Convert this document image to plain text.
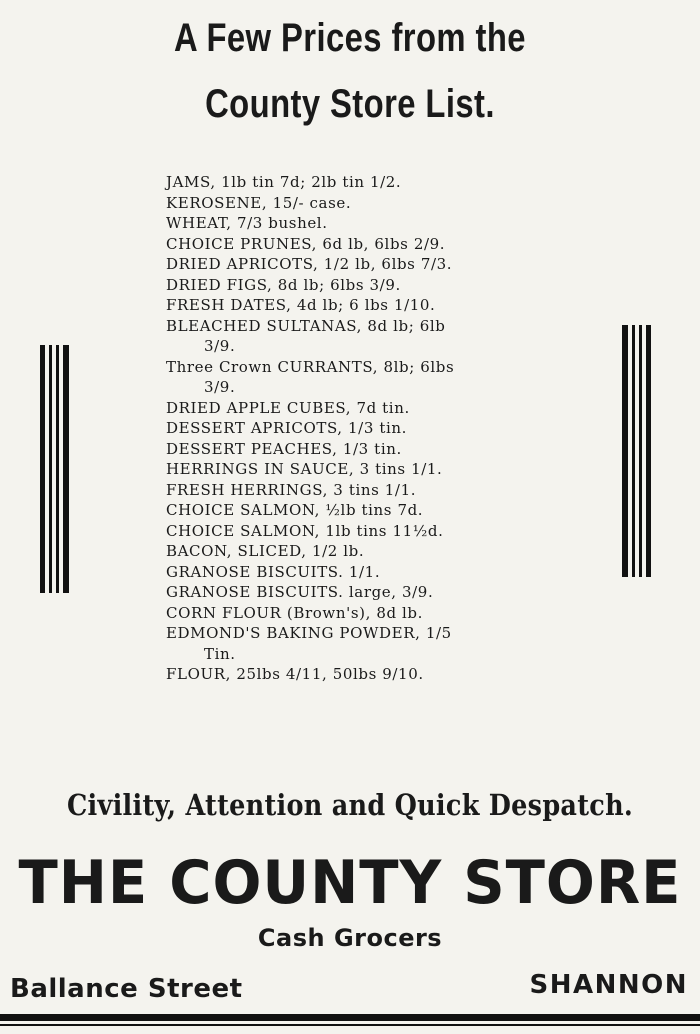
A Few Prices from the
County Store List.
JAMS, 1lb tin 7d; 2lb tin 1/2.
KEROSENE, 15/- case.
WHEAT, 7/3 bushel.
CHOICE PRUNES, 6d lb, 6lbs 2/9.
DRIED APRICOTS, 1/2 lb, 6lbs 7/3.
DRIED FIGS, 8d lb; 6lbs 3/9.
FRESH DATES, 4d lb; 6 lbs 1/10.
BLEACHED SULTANAS, 8d lb; 6lb
3/9.
Three Crown CURRANTS, 8lb; 6lbs
3/9.
DRIED APPLE CUBES, 7d tin.
DESSERT APRICOTS, 1/3 tin.
DESSERT PEACHES, 1/3 tin.
HERRINGS IN SAUCE, 3 tins 1/1.
FRESH HERRINGS, 3 tins 1/1.
CHOICE SALMON, ½lb tins 7d.
CHOICE SALMON, 1lb tins 11½d.
BACON, SLICED, 1/2 lb.
GRANOSE BISCUITS. 1/1.
GRANOSE BISCUITS. large, 3/9.
CORN FLOUR (Brown's), 8d lb.
EDMOND'S BAKING POWDER, 1/5
Tin.
FLOUR, 25lbs 4/11, 50lbs 9/10.

Civility, Attention and Quick Despatch.

THE COUNTY STORE

Cash Grocers

Ballance Street	SHANNON
